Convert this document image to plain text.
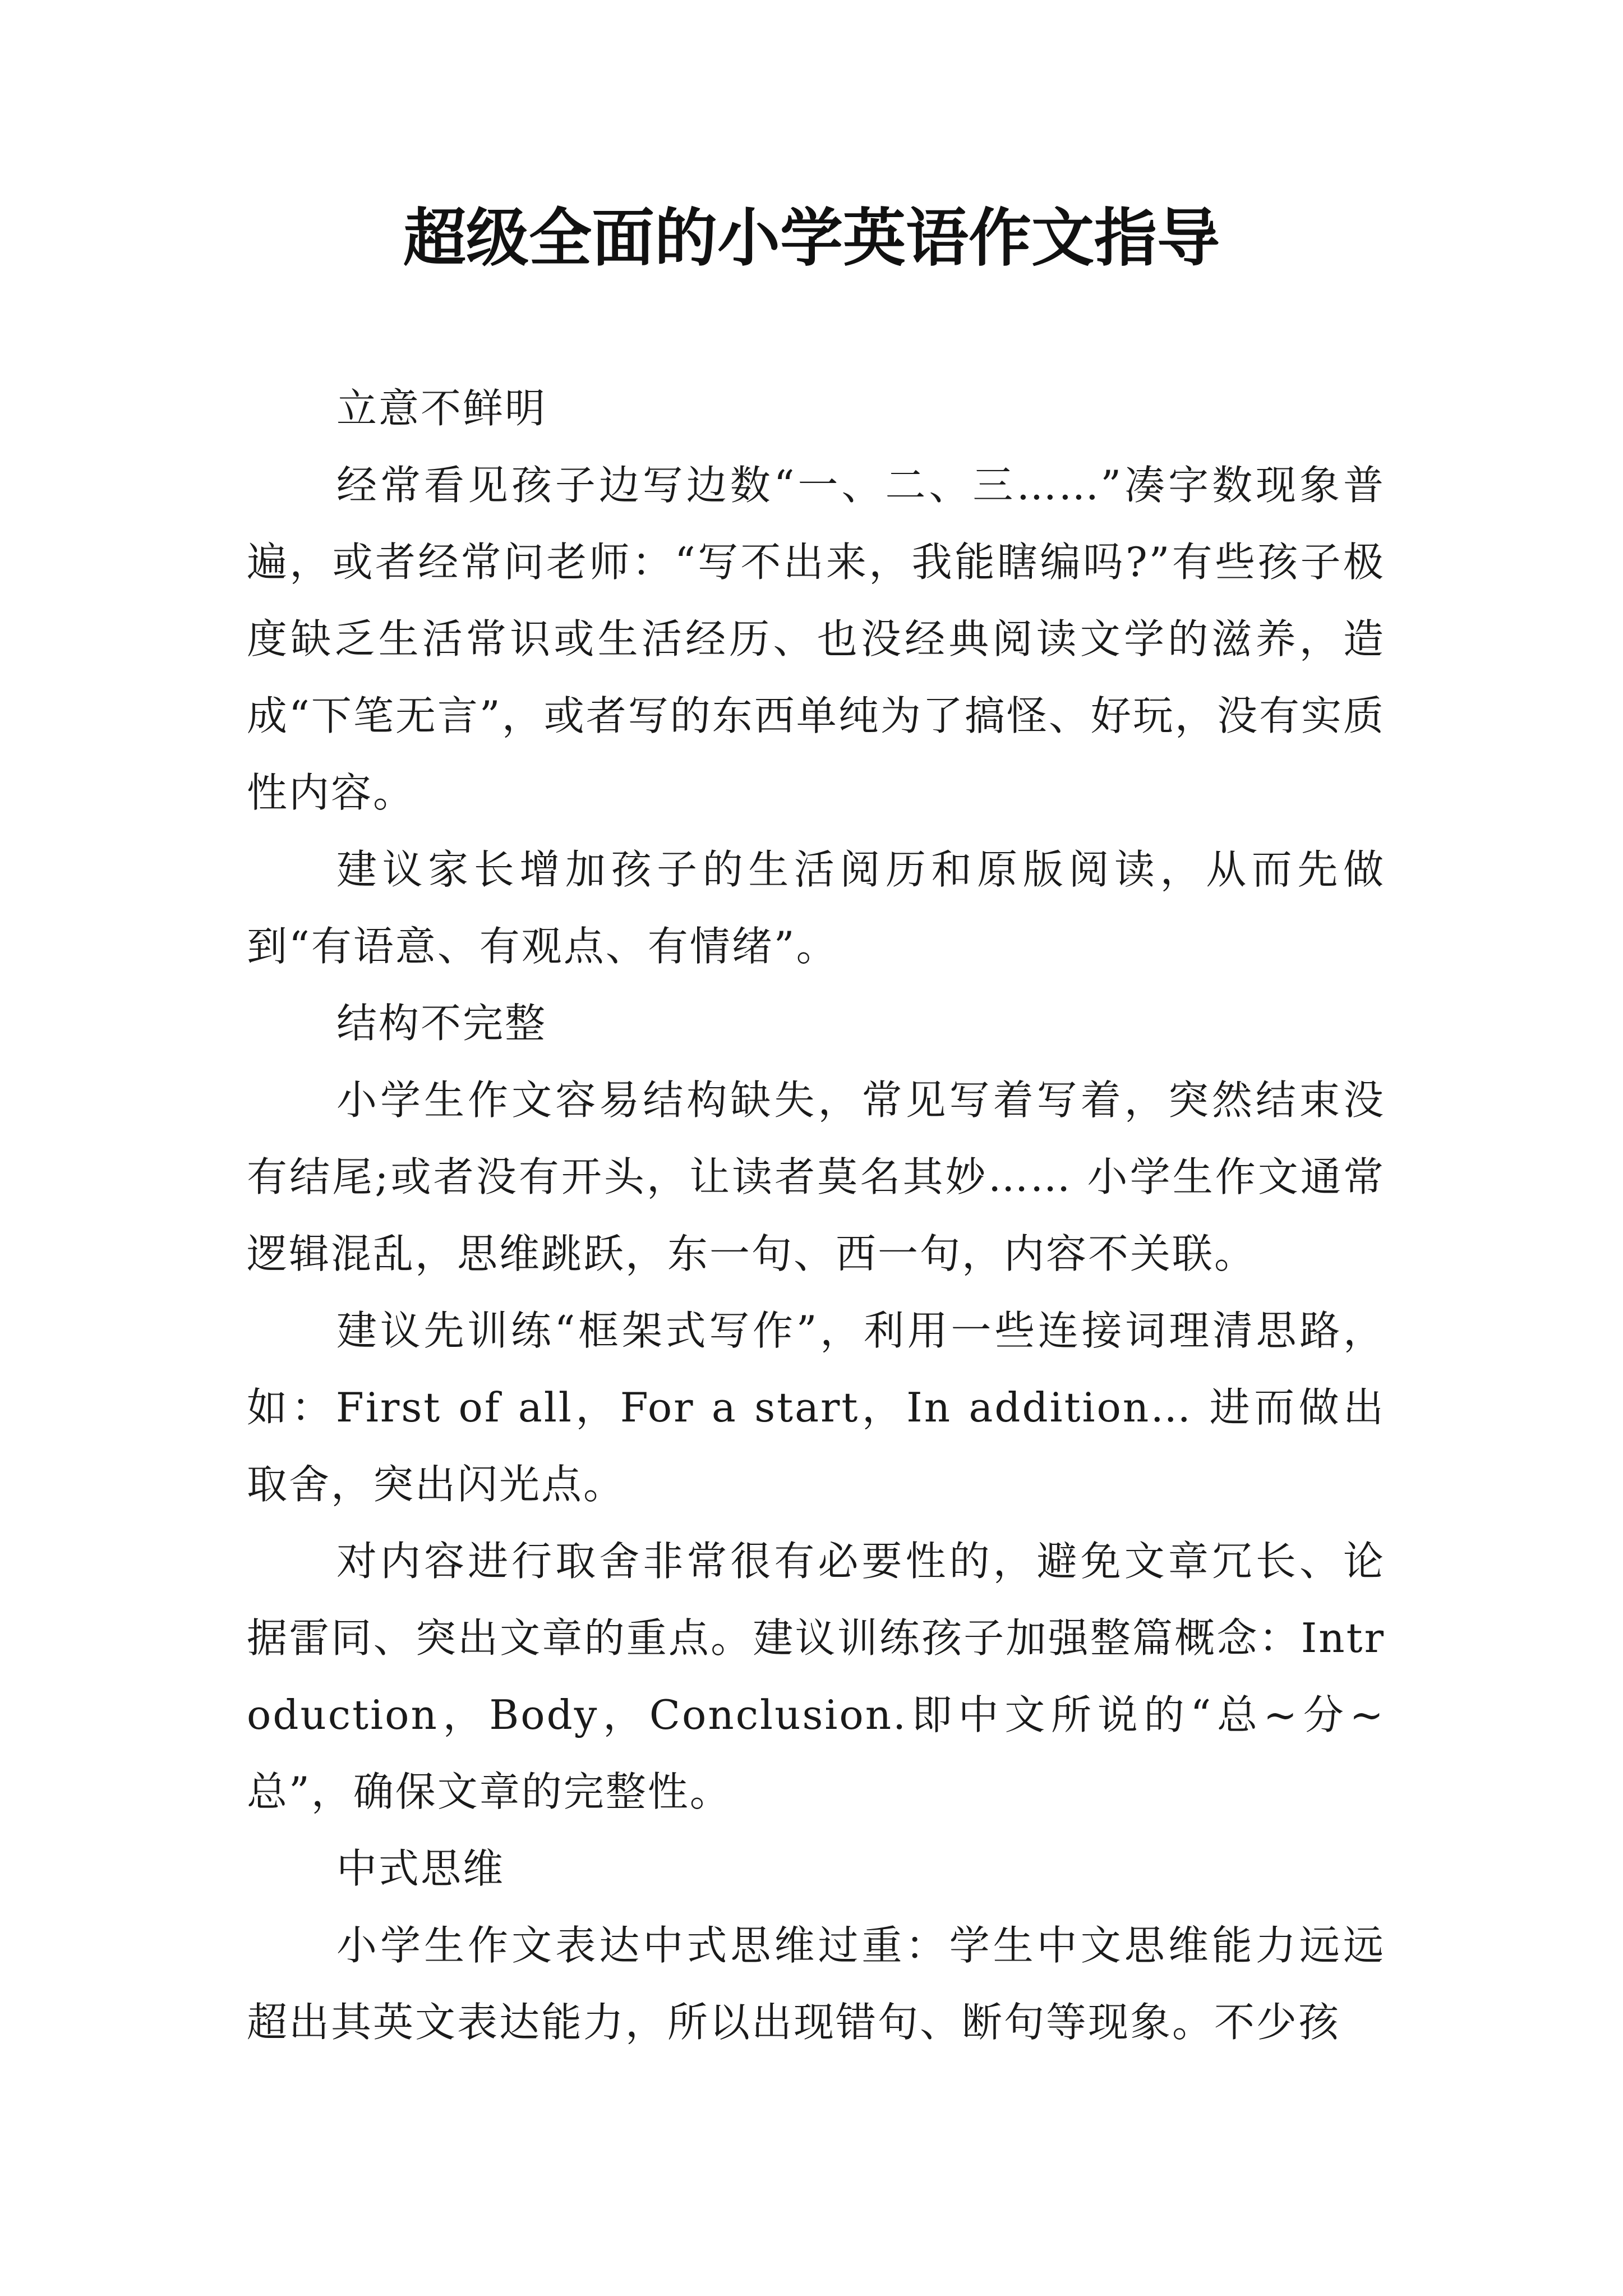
超级全面的小学英语作文指导

立意不鲜明

经常看见孩子边写边数“一、二、三……”凑字数现象普遍，或者经常问老师：“写不出来，我能瞎编吗?”有些孩子极度缺乏生活常识或生活经历、也没经典阅读文学的滋养，造成“下笔无言”，或者写的东西单纯为了搞怪、好玩，没有实质性内容。

建议家长增加孩子的生活阅历和原版阅读，从而先做到“有语意、有观点、有情绪”。

结构不完整

小学生作文容易结构缺失，常见写着写着，突然结束没有结尾;或者没有开头，让读者莫名其妙…… 小学生作文通常逻辑混乱，思维跳跃，东一句、西一句，内容不关联。

建议先训练“框架式写作”，利用一些连接词理清思路，如：First of all，For a start，In addition… 进而做出取舍，突出闪光点。

对内容进行取舍非常很有必要性的，避免文章冗长、论据雷同、突出文章的重点。建议训练孩子加强整篇概念：Introduction，Body，Conclusion.即中文所说的“总~分~总”，确保文章的完整性。

中式思维

小学生作文表达中式思维过重：学生中文思维能力远远超出其英文表达能力，所以出现错句、断句等现象。不少孩
